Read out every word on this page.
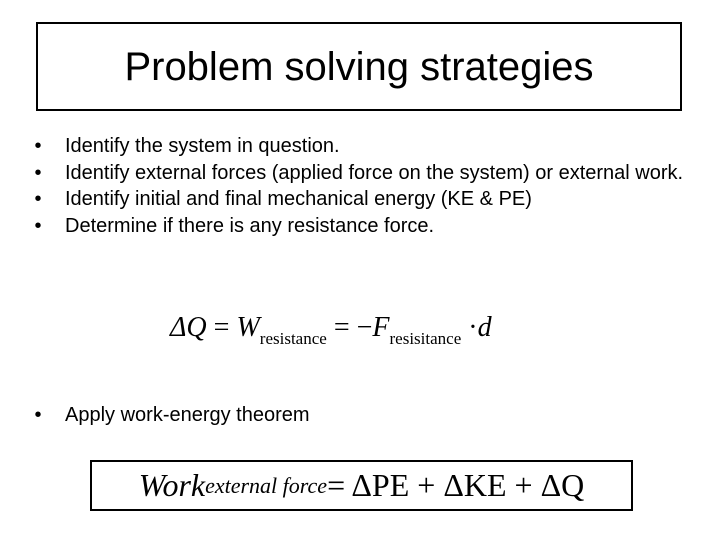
Problem solving strategies
•	Identify the system in question.
•	Identify external forces (applied force on the system) or external work.
•	Identify initial and final mechanical energy (KE & PE)
•	Determine if there is any resistance force.
$\Delta Q = W_{resistance} = -F_{resisitance} \cdot d$
•	Apply work-energy theorem
Work external force = ΔPE + ΔKE + ΔQ
